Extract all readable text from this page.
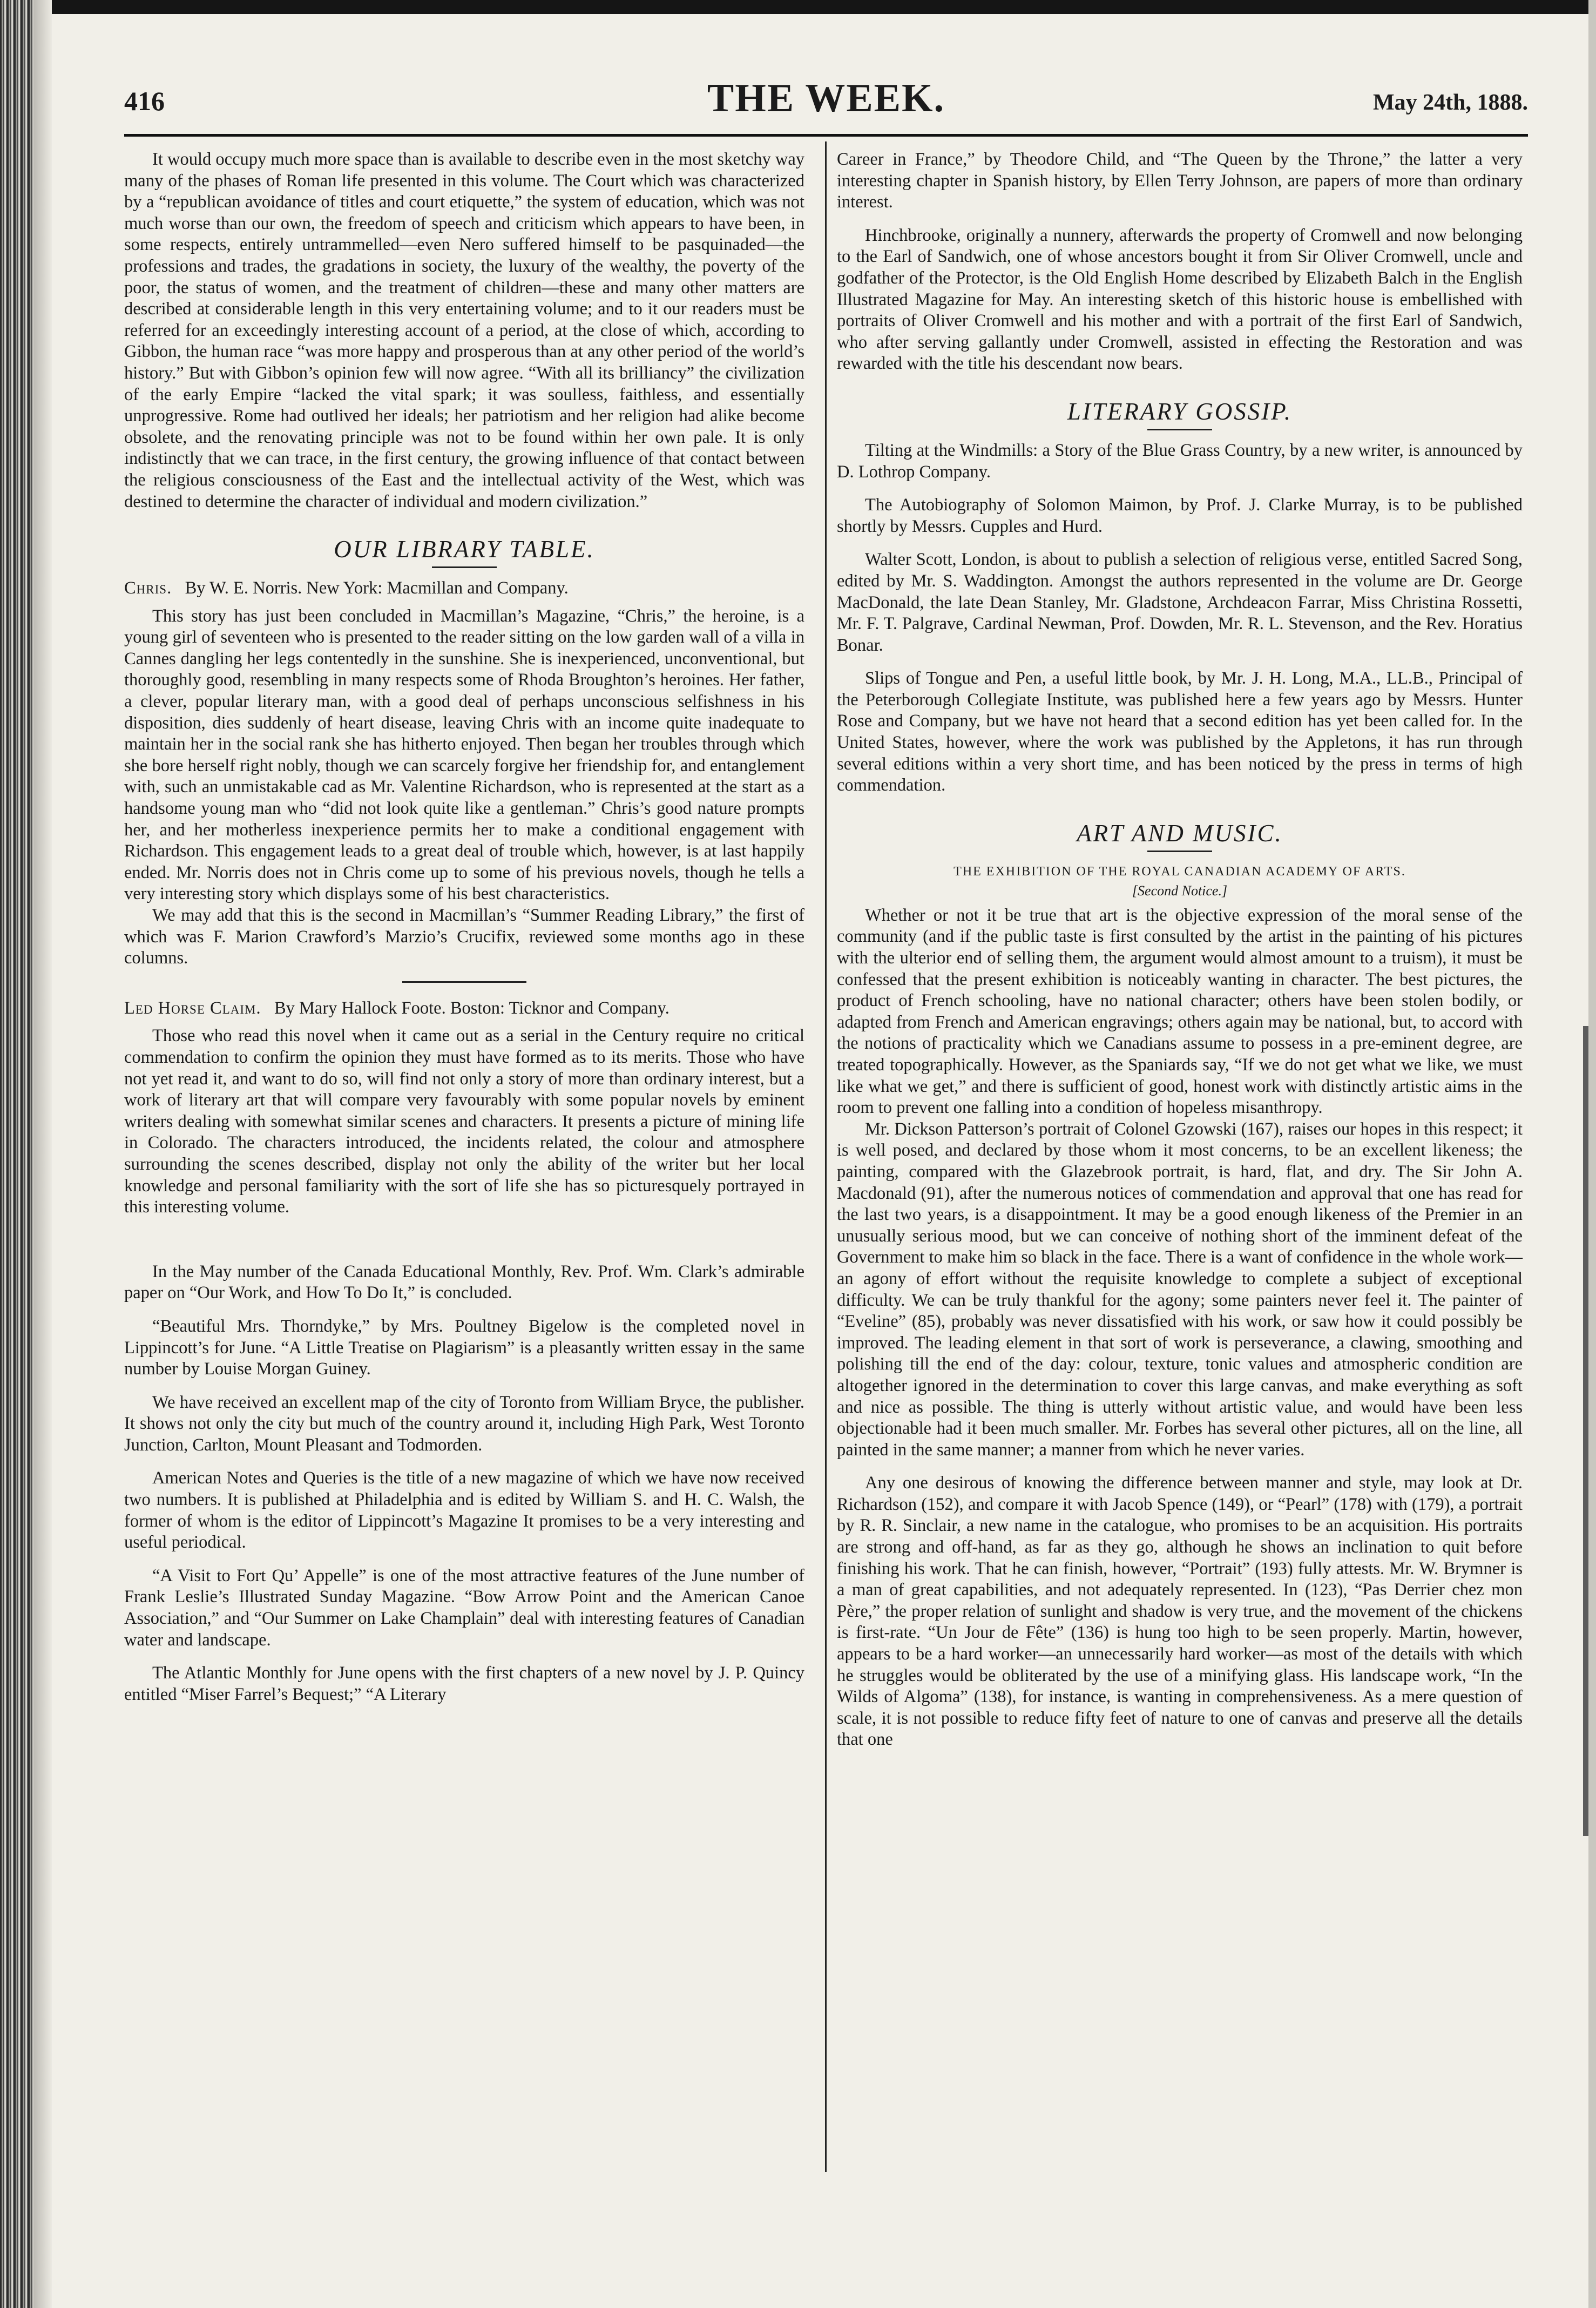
THE WEEK.
416	May 24th, 1888.

It would occupy much more space than is available to describe even in the most sketchy way many of the phases of Roman life presented in this volume. The Court which was characterized by a “republican avoidance of titles and court etiquette,” the system of education, which was not much worse than our own, the freedom of speech and criticism which appears to have been, in some respects, entirely untrammelled—even Nero suffered himself to be pasquinaded—the professions and trades, the gradations in society, the luxury of the wealthy, the poverty of the poor, the status of women, and the treatment of children—these and many other matters are described at considerable length in this very entertaining volume; and to it our readers must be referred for an exceedingly interesting account of a period, at the close of which, according to Gibbon, the human race “was more happy and prosperous than at any other period of the world’s history.” But with Gibbon’s opinion few will now agree. “With all its brilliancy” the civilization of the early Empire “lacked the vital spark; it was soulless, faithless, and essentially unprogressive. Rome had outlived her ideals; her patriotism and her religion had alike become obsolete, and the renovating principle was not to be found within her own pale. It is only indistinctly that we can trace, in the first century, the growing influence of that contact between the religious consciousness of the East and the intellectual activity of the West, which was destined to determine the character of individual and modern civilization.”

OUR LIBRARY TABLE.
Chris. By W. E. Norris. New York: Macmillan and Company.

This story has just been concluded in Macmillan’s Magazine, “Chris,” the heroine, is a young girl of seventeen who is presented to the reader sitting on the low garden wall of a villa in Cannes dangling her legs contentedly in the sunshine. She is inexperienced, unconventional, but thoroughly good, resembling in many respects some of Rhoda Broughton’s heroines. Her father, a clever, popular literary man, with a good deal of perhaps unconscious selfishness in his disposition, dies suddenly of heart disease, leaving Chris with an income quite inadequate to maintain her in the social rank she has hitherto enjoyed. Then began her troubles through which she bore herself right nobly, though we can scarcely forgive her friendship for, and entanglement with, such an unmistakable cad as Mr. Valentine Richardson, who is represented at the start as a handsome young man who “did not look quite like a gentleman.” Chris’s good nature prompts her, and her motherless inexperience permits her to make a conditional engagement with Richardson. This engagement leads to a great deal of trouble which, however, is at last happily ended. Mr. Norris does not in Chris come up to some of his previous novels, though he tells a very interesting story which displays some of his best characteristics.

We may add that this is the second in Macmillan’s “Summer Reading Library,” the first of which was F. Marion Crawford’s Marzio’s Crucifix, reviewed some months ago in these columns.

Led Horse Claim. By Mary Hallock Foote. Boston: Ticknor and Company.

Those who read this novel when it came out as a serial in the Century require no critical commendation to confirm the opinion they must have formed as to its merits. Those who have not yet read it, and want to do so, will find not only a story of more than ordinary interest, but a work of literary art that will compare very favourably with some popular novels by eminent writers dealing with somewhat similar scenes and characters. It presents a picture of mining life in Colorado. The characters introduced, the incidents related, the colour and atmosphere surrounding the scenes described, display not only the ability of the writer but her local knowledge and personal familiarity with the sort of life she has so picturesquely portrayed in this interesting volume.

In the May number of the Canada Educational Monthly, Rev. Prof. Wm. Clark’s admirable paper on “Our Work, and How To Do It,” is concluded.

“Beautiful Mrs. Thorndyke,” by Mrs. Poultney Bigelow is the completed novel in Lippincott’s for June. “A Little Treatise on Plagiarism” is a pleasantly written essay in the same number by Louise Morgan Guiney.

We have received an excellent map of the city of Toronto from William Bryce, the publisher. It shows not only the city but much of the country around it, including High Park, West Toronto Junction, Carlton, Mount Pleasant and Todmorden.

American Notes and Queries is the title of a new magazine of which we have now received two numbers. It is published at Philadelphia and is edited by William S. and H. C. Walsh, the former of whom is the editor of Lippincott’s Magazine It promises to be a very interesting and useful periodical.

“A Visit to Fort Qu’ Appelle” is one of the most attractive features of the June number of Frank Leslie’s Illustrated Sunday Magazine. “Bow Arrow Point and the American Canoe Association,” and “Our Summer on Lake Champlain” deal with interesting features of Canadian water and landscape.

The Atlantic Monthly for June opens with the first chapters of a new novel by J. P. Quincy entitled “Miser Farrel’s Bequest;” “A Literary

Career in France,” by Theodore Child, and “The Queen by the Throne,” the latter a very interesting chapter in Spanish history, by Ellen Terry Johnson, are papers of more than ordinary interest.

Hinchbrooke, originally a nunnery, afterwards the property of Cromwell and now belonging to the Earl of Sandwich, one of whose ancestors bought it from Sir Oliver Cromwell, uncle and godfather of the Protector, is the Old English Home described by Elizabeth Balch in the English Illustrated Magazine for May. An interesting sketch of this historic house is embellished with portraits of Oliver Cromwell and his mother and with a portrait of the first Earl of Sandwich, who after serving gallantly under Cromwell, assisted in effecting the Restoration and was rewarded with the title his descendant now bears.

LITERARY GOSSIP.

Tilting at the Windmills: a Story of the Blue Grass Country, by a new writer, is announced by D. Lothrop Company.

The Autobiography of Solomon Maimon, by Prof. J. Clarke Murray, is to be published shortly by Messrs. Cupples and Hurd.

Walter Scott, London, is about to publish a selection of religious verse, entitled Sacred Song, edited by Mr. S. Waddington. Amongst the authors represented in the volume are Dr. George MacDonald, the late Dean Stanley, Mr. Gladstone, Archdeacon Farrar, Miss Christina Rossetti, Mr. F. T. Palgrave, Cardinal Newman, Prof. Dowden, Mr. R. L. Stevenson, and the Rev. Horatius Bonar.

Slips of Tongue and Pen, a useful little book, by Mr. J. H. Long, M.A., LL.B., Principal of the Peterborough Collegiate Institute, was published here a few years ago by Messrs. Hunter Rose and Company, but we have not heard that a second edition has yet been called for. In the United States, however, where the work was published by the Appletons, it has run through several editions within a very short time, and has been noticed by the press in terms of high commendation.

ART AND MUSIC.
THE EXHIBITION OF THE ROYAL CANADIAN ACADEMY OF ARTS.
[Second Notice.]

Whether or not it be true that art is the objective expression of the moral sense of the community (and if the public taste is first consulted by the artist in the painting of his pictures with the ulterior end of selling them, the argument would almost amount to a truism), it must be confessed that the present exhibition is noticeably wanting in character. The best pictures, the product of French schooling, have no national character; others have been stolen bodily, or adapted from French and American engravings; others again may be national, but, to accord with the notions of practicality which we Canadians assume to possess in a pre-eminent degree, are treated topographically. However, as the Spaniards say, “If we do not get what we like, we must like what we get,” and there is sufficient of good, honest work with distinctly artistic aims in the room to prevent one falling into a condition of hopeless misanthropy.

Mr. Dickson Patterson’s portrait of Colonel Gzowski (167), raises our hopes in this respect; it is well posed, and declared by those whom it most concerns, to be an excellent likeness; the painting, compared with the Glazebrook portrait, is hard, flat, and dry. The Sir John A. Macdonald (91), after the numerous notices of commendation and approval that one has read for the last two years, is a disappointment. It may be a good enough likeness of the Premier in an unusually serious mood, but we can conceive of nothing short of the imminent defeat of the Government to make him so black in the face. There is a want of confidence in the whole work—an agony of effort without the requisite knowledge to complete a subject of exceptional difficulty. We can be truly thankful for the agony; some painters never feel it. The painter of “Eveline” (85), probably was never dissatisfied with his work, or saw how it could possibly be improved. The leading element in that sort of work is perseverance, a clawing, smoothing and polishing till the end of the day: colour, texture, tonic values and atmospheric condition are altogether ignored in the determination to cover this large canvas, and make everything as soft and nice as possible. The thing is utterly without artistic value, and would have been less objectionable had it been much smaller. Mr. Forbes has several other pictures, all on the line, all painted in the same manner; a manner from which he never varies.

Any one desirous of knowing the difference between manner and style, may look at Dr. Richardson (152), and compare it with Jacob Spence (149), or “Pearl” (178) with (179), a portrait by R. R. Sinclair, a new name in the catalogue, who promises to be an acquisition. His portraits are strong and off-hand, as far as they go, although he shows an inclination to quit before finishing his work. That he can finish, however, “Portrait” (193) fully attests. Mr. W. Brymner is a man of great capabilities, and not adequately represented. In (123), “Pas Derrier chez mon Père,” the proper relation of sunlight and shadow is very true, and the movement of the chickens is first-rate. “Un Jour de Fête” (136) is hung too high to be seen properly. Martin, however, appears to be a hard worker—an unnecessarily hard worker—as most of the details with which he struggles would be obliterated by the use of a minifying glass. His landscape work, “In the Wilds of Algoma” (138), for instance, is wanting in comprehensiveness. As a mere question of scale, it is not possible to reduce fifty feet of nature to one of canvas and preserve all the details that one
